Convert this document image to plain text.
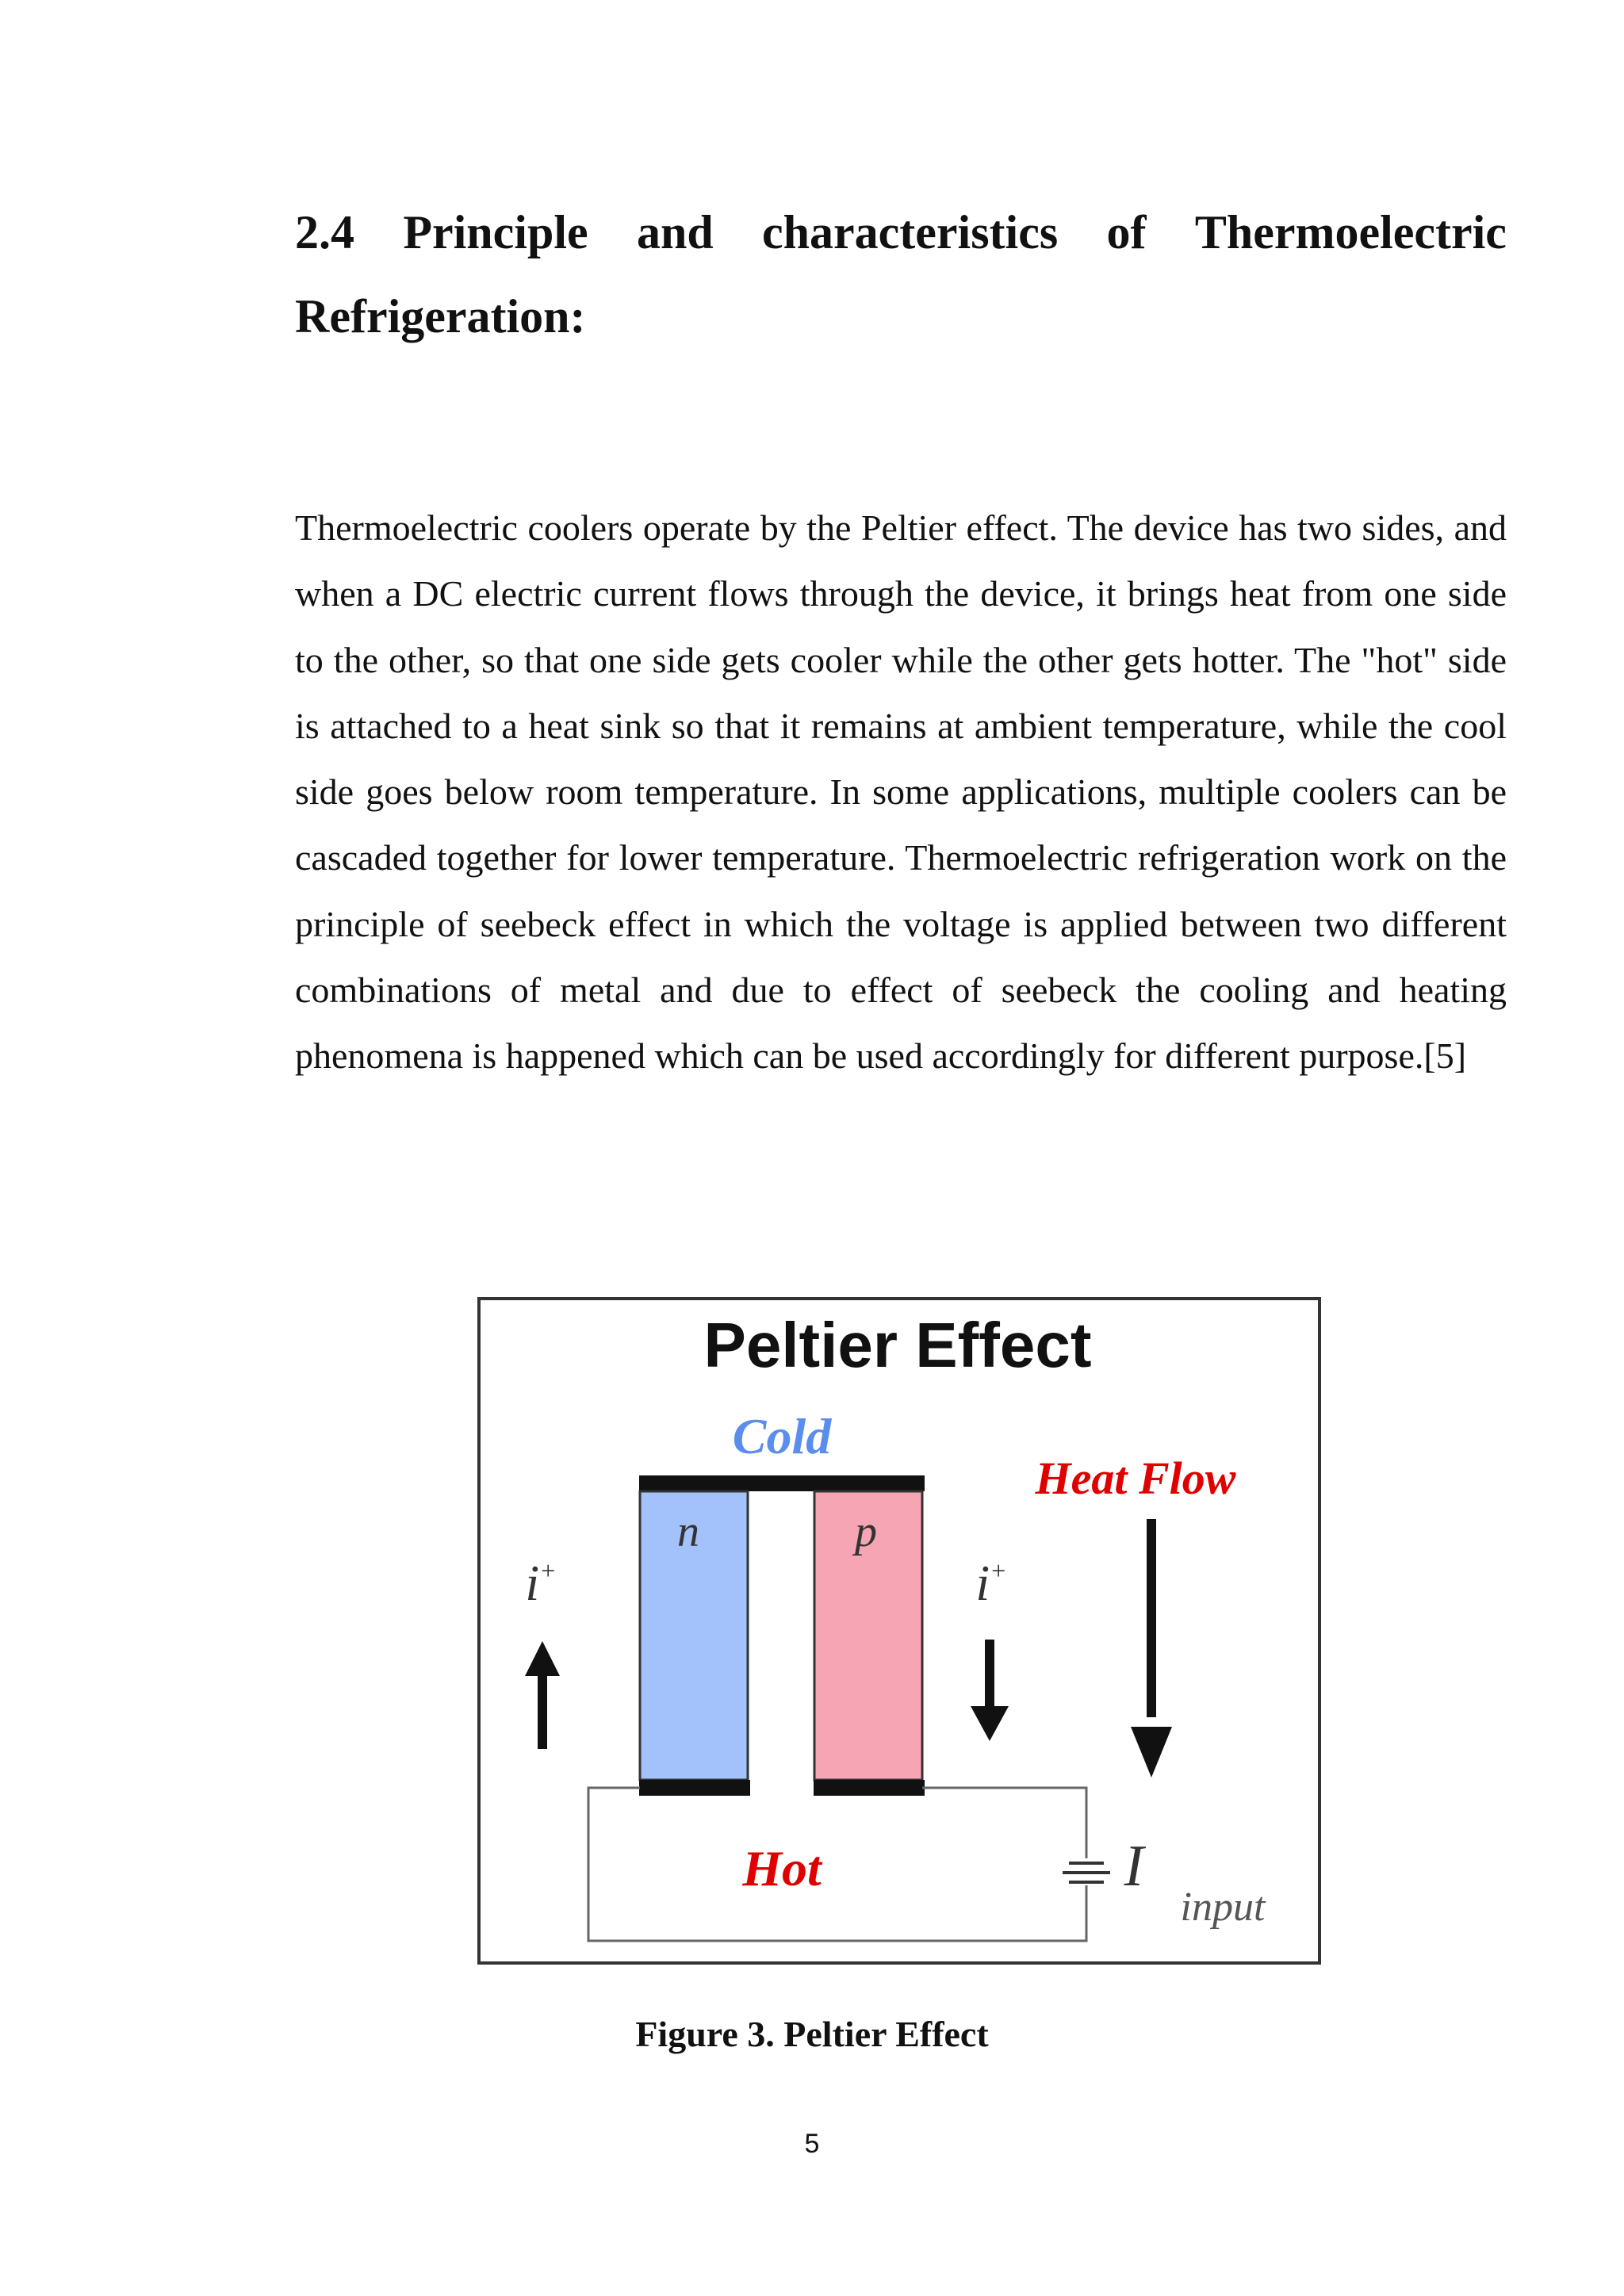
2.4 Principle and characteristics of Thermoelectric
Refrigeration:

Thermoelectric coolers operate by the Peltier effect. The device has two sides, and when a DC electric current flows through the device, it brings heat from one side to the other, so that one side gets cooler while the other gets hotter. The "hot" side is attached to a heat sink so that it remains at ambient temperature, while the cool side goes below room temperature. In some applications, multiple coolers can be cascaded together for lower temperature. Thermoelectric refrigeration work on the principle of seebeck effect in which the voltage is applied between two different combinations of metal and due to effect of seebeck the cooling and heating phenomena is happened which can be used accordingly for different purpose.[5]

Peltier Effect
Cold
Heat Flow
n	p
Hot	I
input
i+	i+

Figure 3. Peltier Effect

5
